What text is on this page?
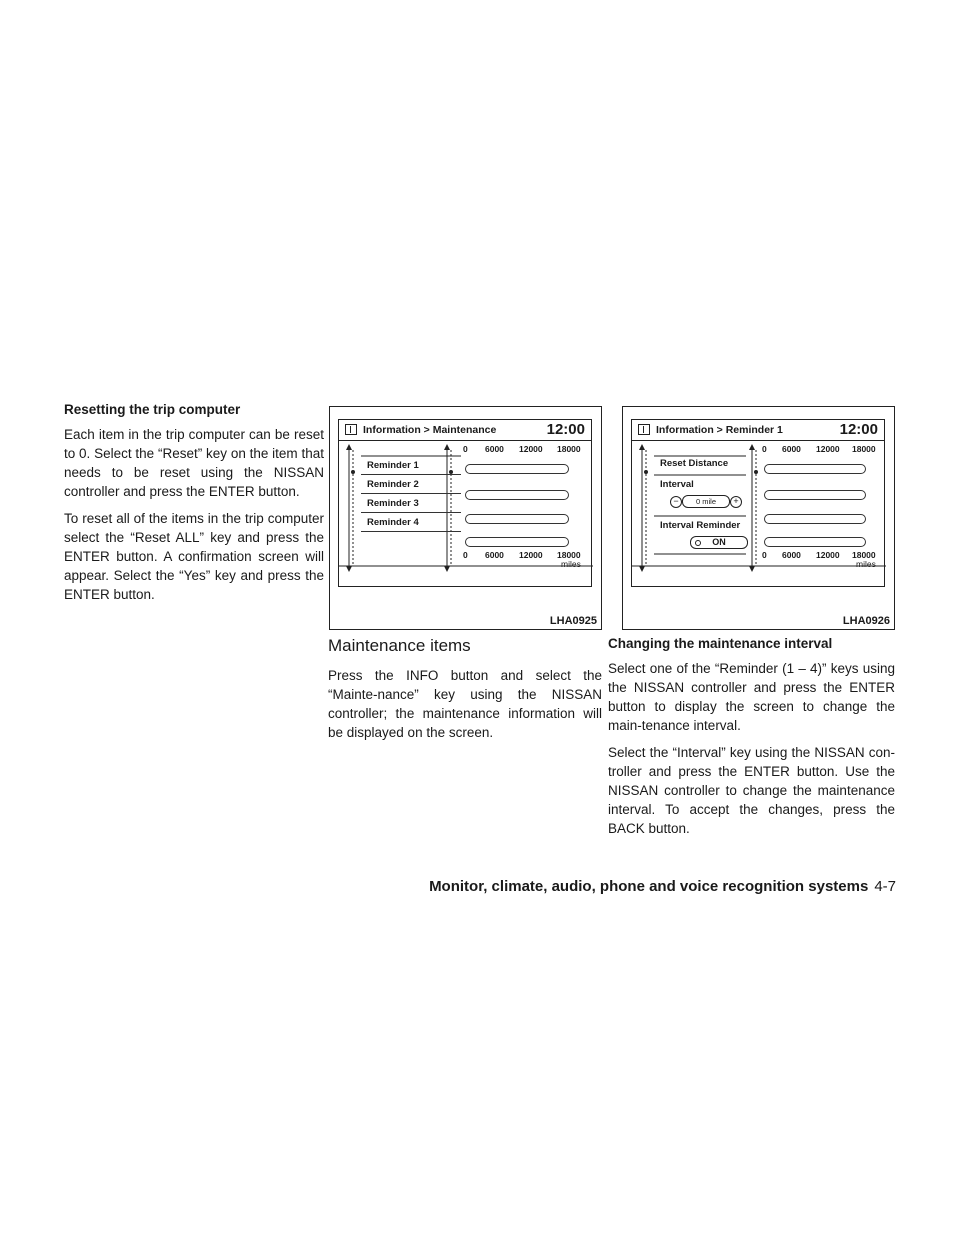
Resetting the trip computer

Each item in the trip computer can be reset to 0. Select the “Reset” key on the item that needs to be reset using the NISSAN controller and press the ENTER button.

To reset all of the items in the trip computer select the “Reset ALL” key and press the ENTER button. A confirmation screen will appear. Select the “Yes” key and press the ENTER button.

Information > Maintenance	12:00
Reminder 1
Reminder 2
Reminder 3
Reminder 4
0 6000 12000 18000
0 6000 12000 18000
miles
LHA0925
Information > Reminder 1	12:00
Reset Distance
Interval
−	0 mile	+
Interval Reminder
ON
0 6000 12000 18000
0 6000 12000 18000
miles
LHA0926
Maintenance items

Press the INFO button and select the “Mainte-nance” key using the NISSAN controller; the maintenance information will be displayed on the screen.

Changing the maintenance interval

Select one of the “Reminder (1 – 4)” keys using the NISSAN controller and press the ENTER button to display the screen to change the main-tenance interval.

Select the “Interval” key using the NISSAN con-troller and press the ENTER button. Use the NISSAN controller to change the maintenance interval. To accept the changes, press the BACK button.

Monitor, climate, audio, phone and voice recognition systems 4-7
